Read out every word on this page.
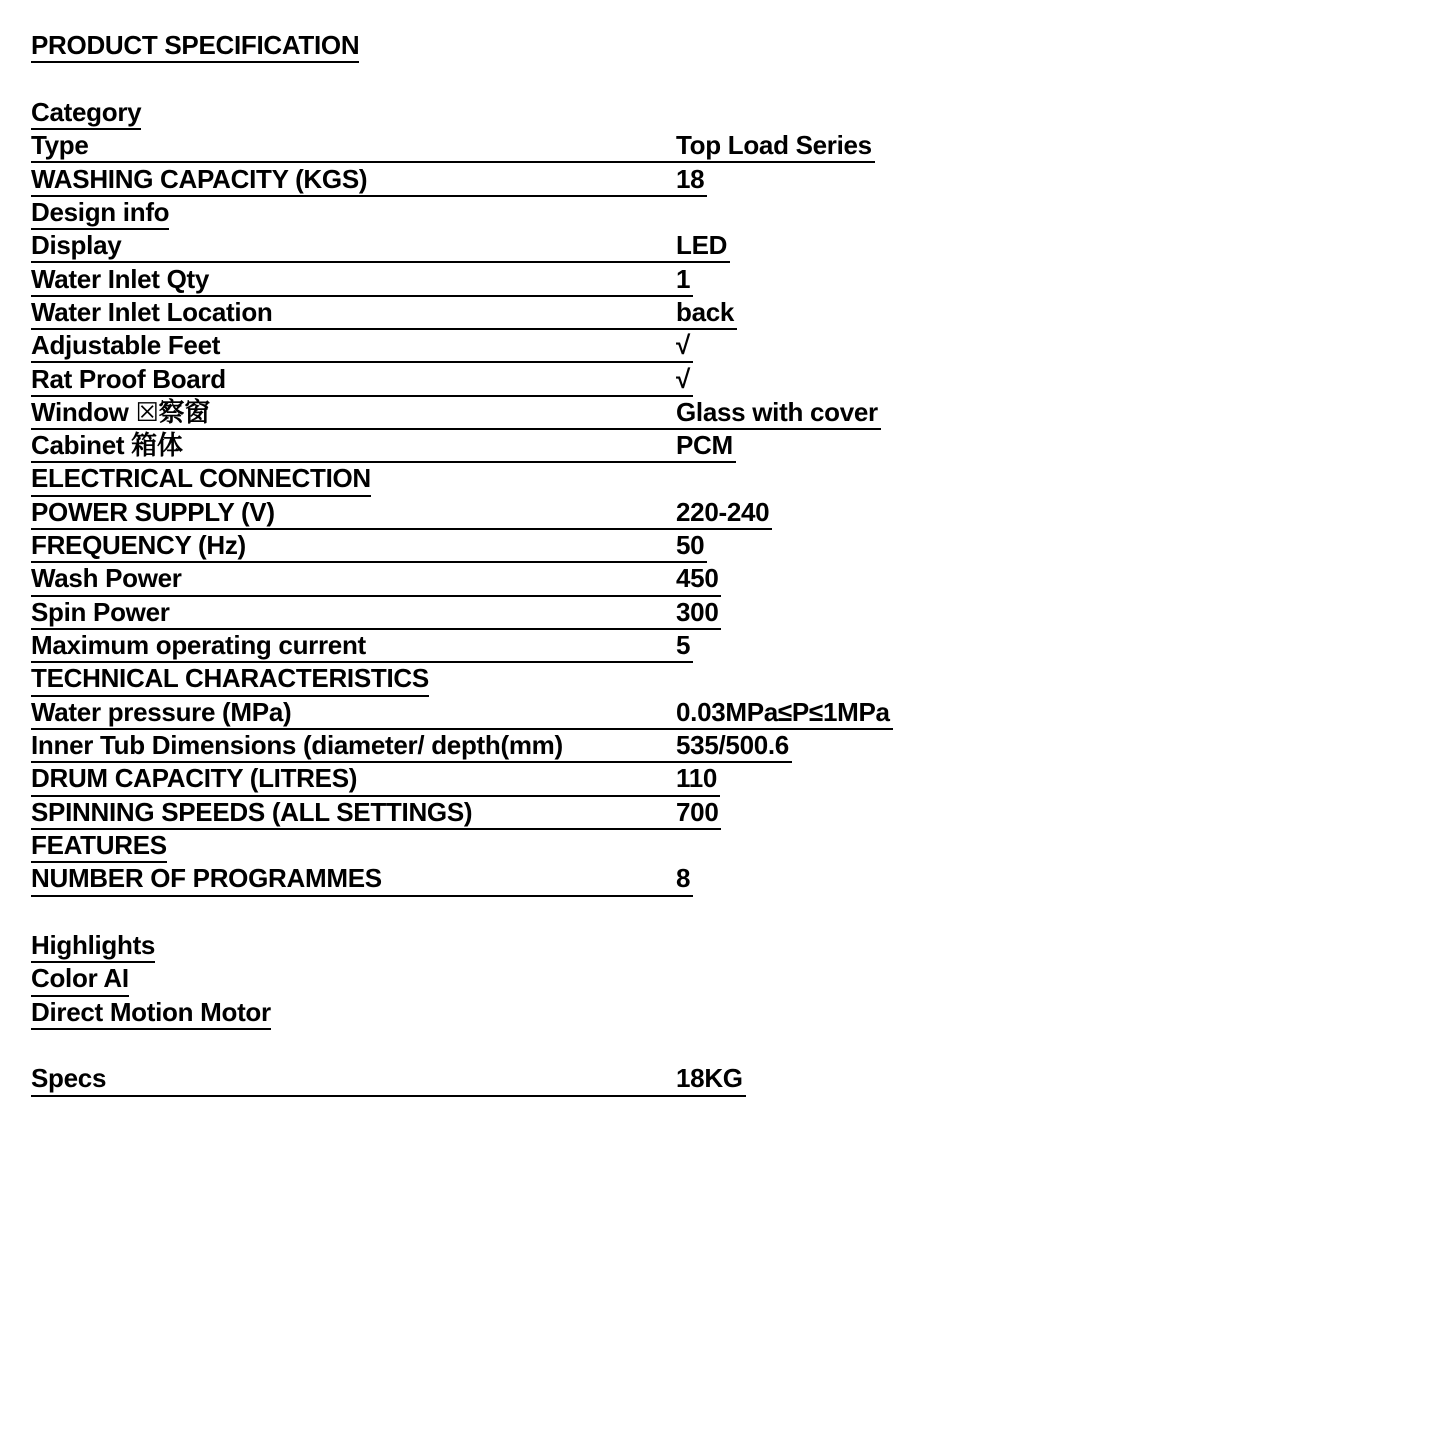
PRODUCT SPECIFICATION
Category
Type	Top Load Series
WASHING CAPACITY (KGS)	18
Design info
Display	LED
Water Inlet Qty	1
Water Inlet Location	back
Adjustable Feet	√
Rat Proof Board	√
Window ☒察窗	Glass with cover
Cabinet 箱体	PCM
ELECTRICAL CONNECTION
POWER SUPPLY (V)	220-240
FREQUENCY (Hz)	50
Wash Power	450
Spin Power	300
Maximum operating current	5
TECHNICAL CHARACTERISTICS
Water pressure (MPa)	0.03MPa≤P≤1MPa
Inner Tub Dimensions (diameter/ depth(mm)	535/500.6
DRUM CAPACITY (LITRES)	110
SPINNING SPEEDS (ALL SETTINGS)	700
FEATURES
NUMBER OF PROGRAMMES	8
Highlights
Color AI
Direct Motion Motor
Specs	18KG
